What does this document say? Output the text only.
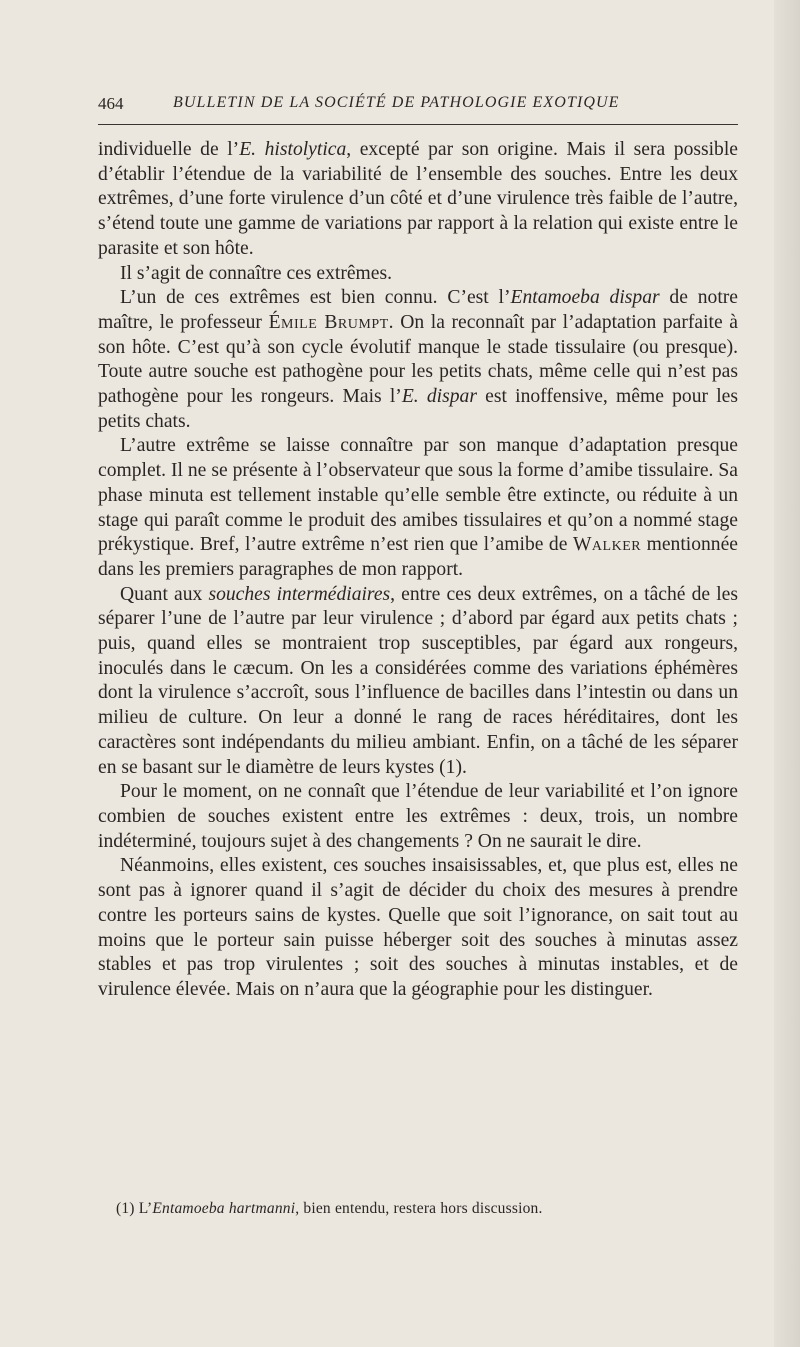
464	BULLETIN DE LA SOCIÉTÉ DE PATHOLOGIE EXOTIQUE

individuelle de l’E. histolytica, excepté par son origine. Mais il sera possible d’établir l’étendue de la variabilité de l’ensemble des souches. Entre les deux extrêmes, d’une forte virulence d’un côté et d’une virulence très faible de l’autre, s’étend toute une gamme de variations par rapport à la relation qui existe entre le parasite et son hôte.

Il s’agit de connaître ces extrêmes.

L’un de ces extrêmes est bien connu. C’est l’Entamoeba dispar de notre maître, le professeur Émile Brumpt. On la reconnaît par l’adaptation parfaite à son hôte. C’est qu’à son cycle évolutif manque le stade tissulaire (ou presque). Toute autre souche est pathogène pour les petits chats, même celle qui n’est pas pathogène pour les rongeurs. Mais l’E. dispar est inoffensive, même pour les petits chats.

L’autre extrême se laisse connaître par son manque d’adaptation presque complet. Il ne se présente à l’observateur que sous la forme d’amibe tissulaire. Sa phase minuta est tellement instable qu’elle semble être extincte, ou réduite à un stage qui paraît comme le produit des amibes tissulaires et qu’on a nommé stage prékystique. Bref, l’autre extrême n’est rien que l’amibe de Walker mentionnée dans les premiers paragraphes de mon rapport.

Quant aux souches intermédiaires, entre ces deux extrêmes, on a tâché de les séparer l’une de l’autre par leur virulence ; d’abord par égard aux petits chats ; puis, quand elles se montraient trop susceptibles, par égard aux rongeurs, inoculés dans le cæcum. On les a considérées comme des variations éphémères dont la virulence s’accroît, sous l’influence de bacilles dans l’intestin ou dans un milieu de culture. On leur a donné le rang de races héréditaires, dont les caractères sont indépendants du milieu ambiant. Enfin, on a tâché de les séparer en se basant sur le diamètre de leurs kystes (1).

Pour le moment, on ne connaît que l’étendue de leur variabilité et l’on ignore combien de souches existent entre les extrêmes : deux, trois, un nombre indéterminé, toujours sujet à des changements ? On ne saurait le dire.

Néanmoins, elles existent, ces souches insaisissables, et, que plus est, elles ne sont pas à ignorer quand il s’agit de décider du choix des mesures à prendre contre les porteurs sains de kystes. Quelle que soit l’ignorance, on sait tout au moins que le porteur sain puisse héberger soit des souches à minutas assez stables et pas trop virulentes ; soit des souches à minutas instables, et de virulence élevée. Mais on n’aura que la géographie pour les distinguer.

(1) L’Entamoeba hartmanni, bien entendu, restera hors discussion.
